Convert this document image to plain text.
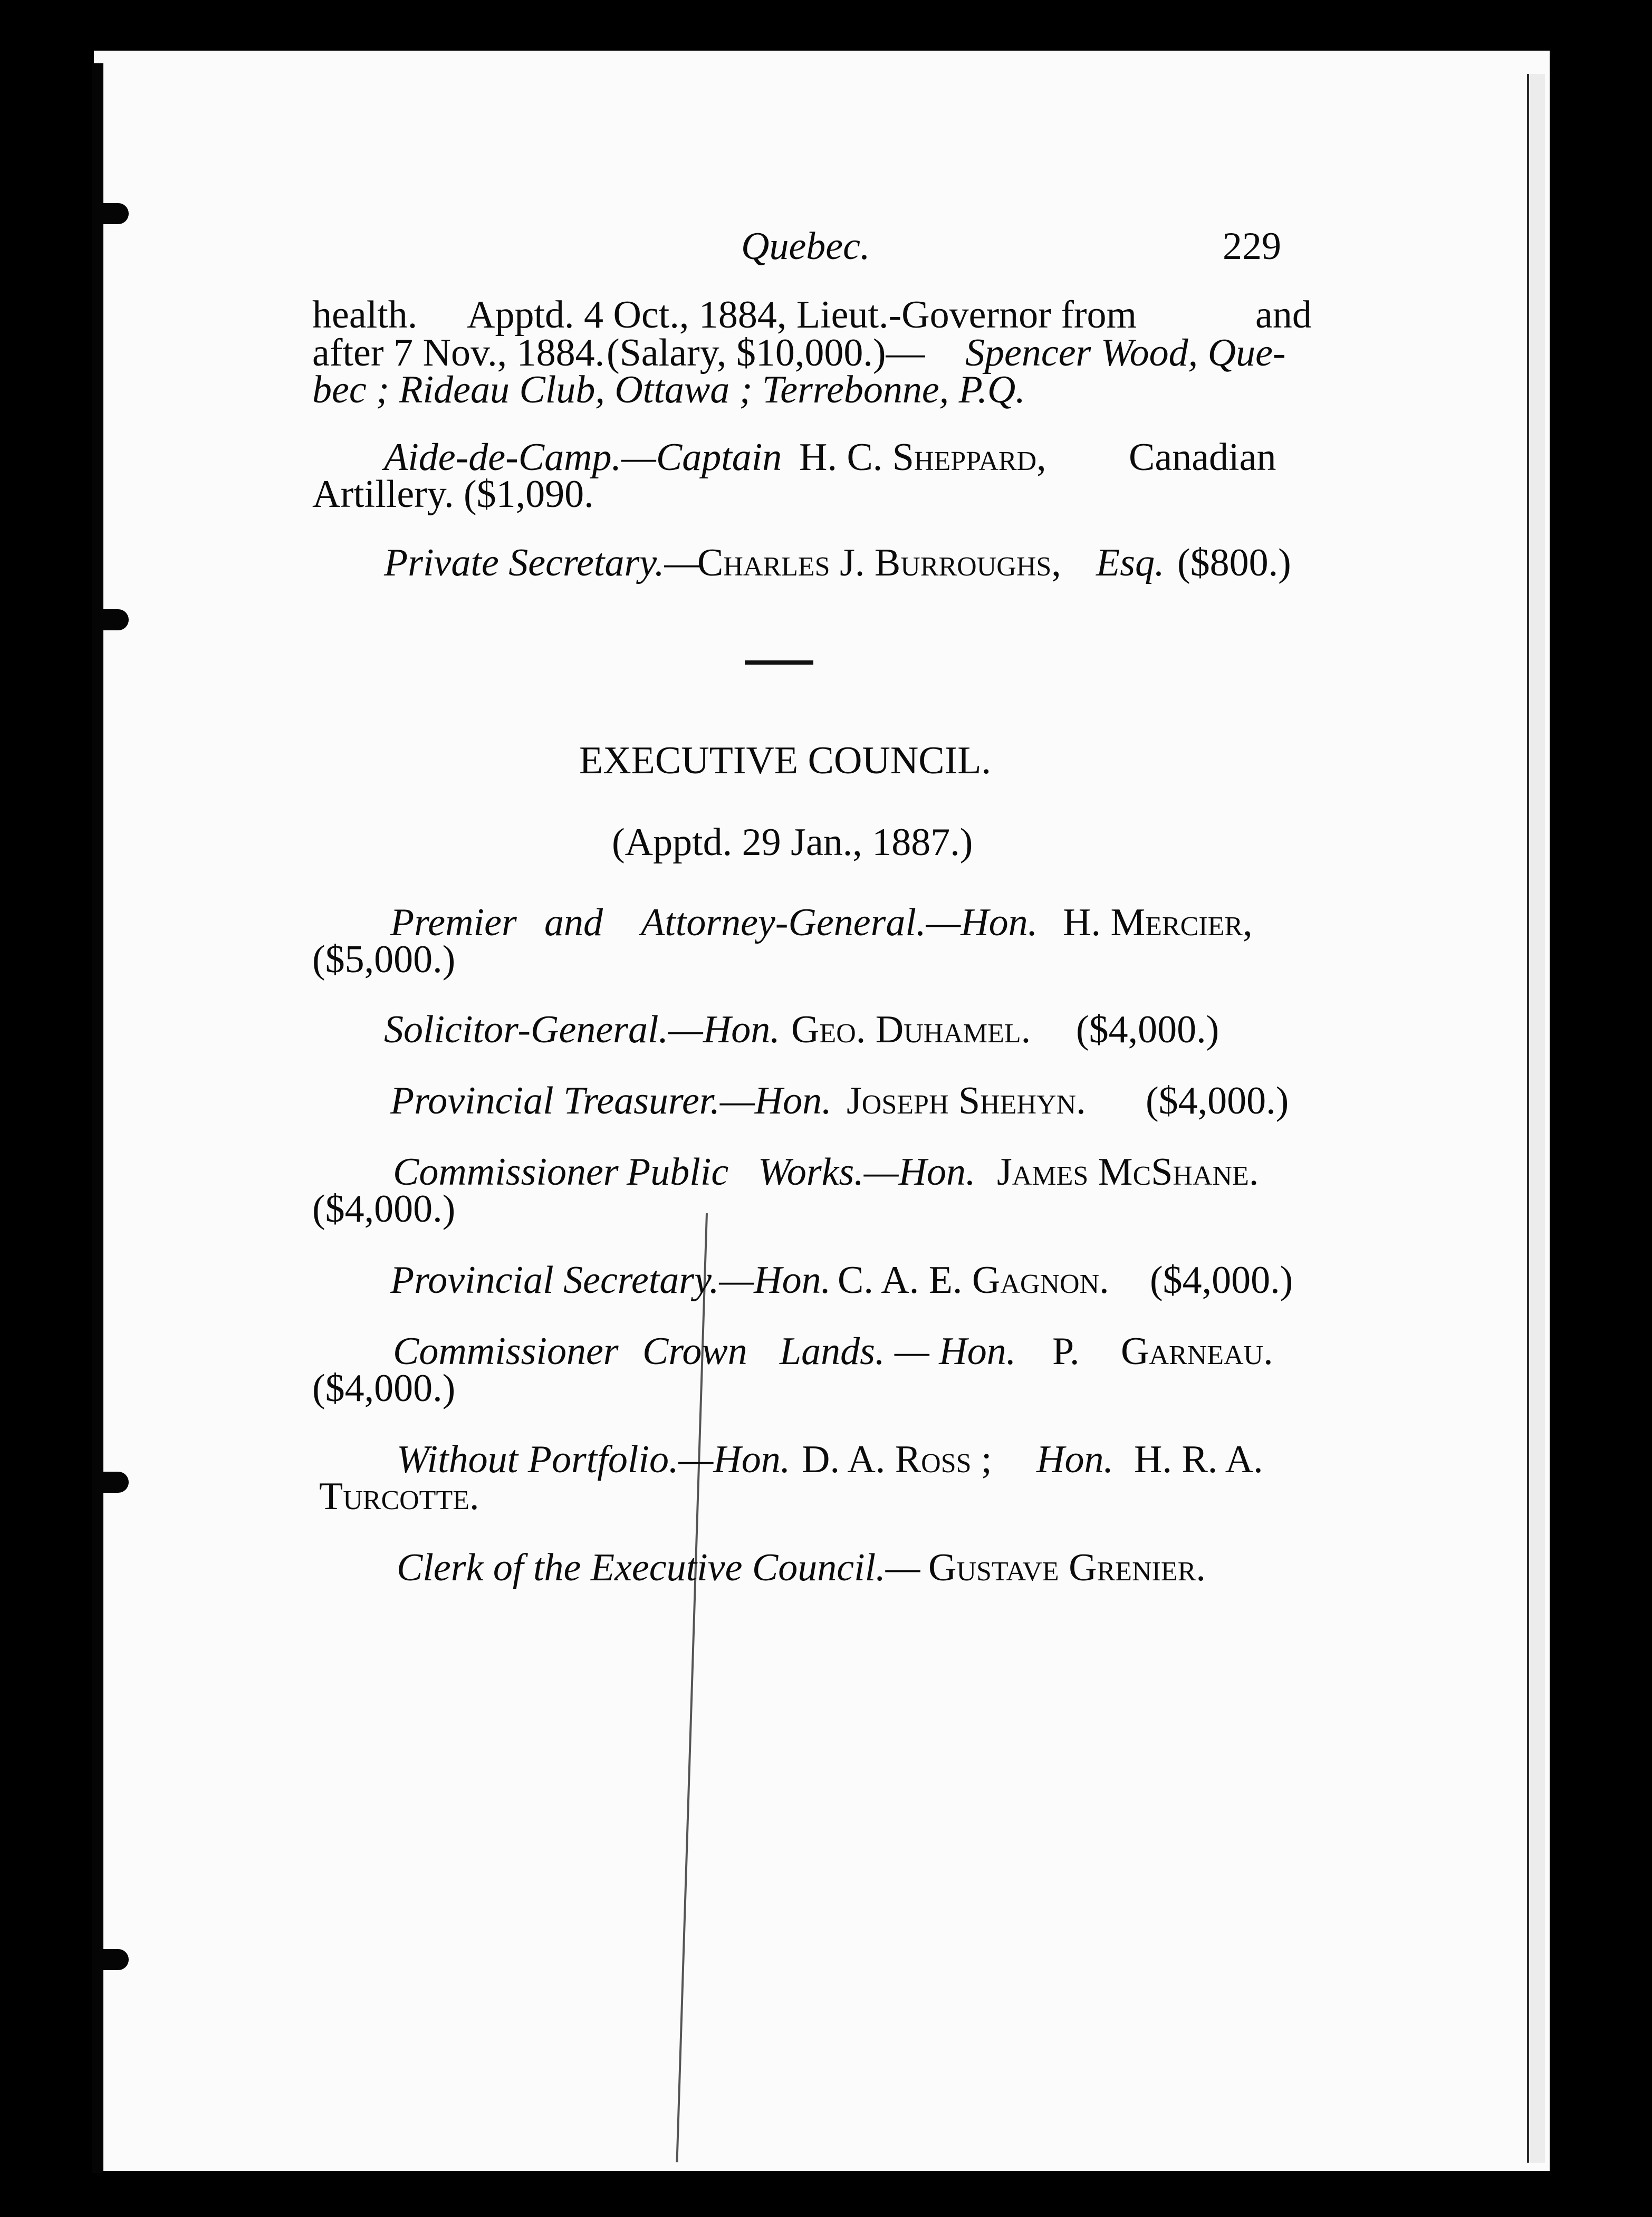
Quebec.	229
health. Apptd. 4 Oct., 1884, Lieut.-Governor from	and
after 7 Nov., 1884. (Salary, $10,000.)— Spencer Wood, Que-
bec ; Rideau Club, Ottawa ; Terrebonne, P.Q.
Aide-de-Camp.—Captain H. C. Sheppard, Canadian
Artillery. ($1,090.
Private Secretary.—
Charles J. Burroughs, Esq. ($800.)
EXECUTIVE COUNCIL.
(Apptd. 29 Jan., 1887.)
Premier and Attorney-General.—Hon. H. Mercier,
($5,000.)
Solicitor-General.—Hon. Geo. Duhamel. ($4,000.)
Provincial Treasurer.—Hon. Joseph Shehyn. ($4,000.)
Commissioner Public Works.—Hon. James McShane.
($4,000.)
Provincial Secretary.—Hon. C. A. E. Gagnon. ($4,000.)
Commissioner Crown Lands. — Hon. P. Garneau.
($4,000.)
Without Portfolio.—Hon. D. A. Ross ; Hon. H. R. A.
Turcotte.
Clerk of the Executive Council.— Gustave Grenier.
